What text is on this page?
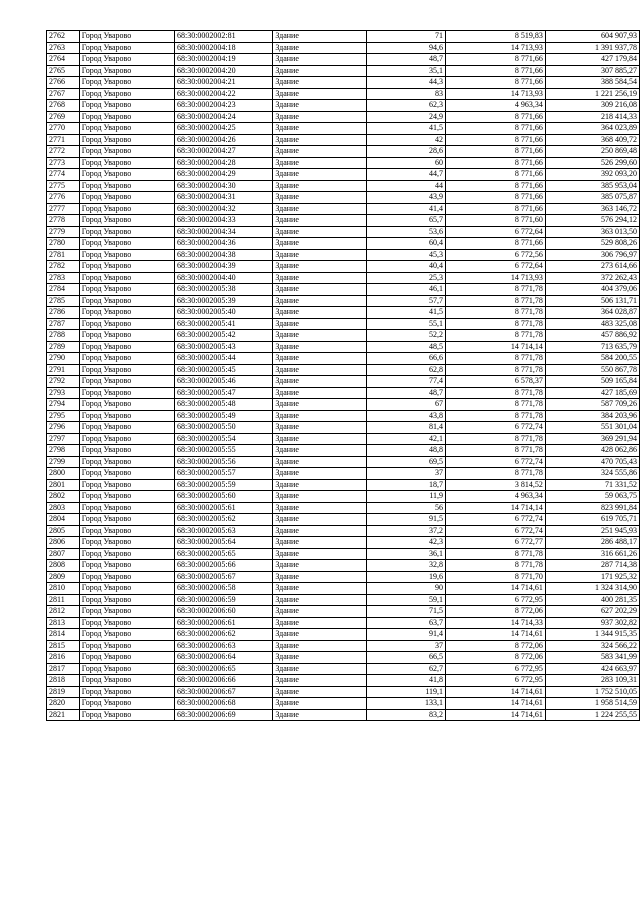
2762	Город Уварово	68:30:0002002:81	Здание	71	8 519,83	604 907,93
2763	Город Уварово	68:30:0002004:18	Здание	94,6	14 713,93	1 391 937,78
2764	Город Уварово	68:30:0002004:19	Здание	48,7	8 771,66	427 179,84
2765	Город Уварово	68:30:0002004:20	Здание	35,1	8 771,66	307 885,27
2766	Город Уварово	68:30:0002004:21	Здание	44,3	8 771,66	388 584,54
2767	Город Уварово	68:30:0002004:22	Здание	83	14 713,93	1 221 256,19
2768	Город Уварово	68:30:0002004:23	Здание	62,3	4 963,34	309 216,08
2769	Город Уварово	68:30:0002004:24	Здание	24,9	8 771,66	218 414,33
2770	Город Уварово	68:30:0002004:25	Здание	41,5	8 771,66	364 023,89
2771	Город Уварово	68:30:0002004:26	Здание	42	8 771,66	368 409,72
2772	Город Уварово	68:30:0002004:27	Здание	28,6	8 771,66	250 869,48
2773	Город Уварово	68:30:0002004:28	Здание	60	8 771,66	526 299,60
2774	Город Уварово	68:30:0002004:29	Здание	44,7	8 771,66	392 093,20
2775	Город Уварово	68:30:0002004:30	Здание	44	8 771,66	385 953,04
2776	Город Уварово	68:30:0002004:31	Здание	43,9	8 771,66	385 075,87
2777	Город Уварово	68:30:0002004:32	Здание	41,4	8 771,66	363 146,72
2778	Город Уварово	68:30:0002004:33	Здание	65,7	8 771,60	576 294,12
2779	Город Уварово	68:30:0002004:34	Здание	53,6	6 772,64	363 013,50
2780	Город Уварово	68:30:0002004:36	Здание	60,4	8 771,66	529 808,26
2781	Город Уварово	68:30:0002004:38	Здание	45,3	6 772,56	306 796,97
2782	Город Уварово	68:30:0002004:39	Здание	40,4	6 772,64	273 614,66
2783	Город Уварово	68:30:0002004:40	Здание	25,3	14 713,93	372 262,43
2784	Город Уварово	68:30:0002005:38	Здание	46,1	8 771,78	404 379,06
2785	Город Уварово	68:30:0002005:39	Здание	57,7	8 771,78	506 131,71
2786	Город Уварово	68:30:0002005:40	Здание	41,5	8 771,78	364 028,87
2787	Город Уварово	68:30:0002005:41	Здание	55,1	8 771,78	483 325,08
2788	Город Уварово	68:30:0002005:42	Здание	52,2	8 771,78	457 886,92
2789	Город Уварово	68:30:0002005:43	Здание	48,5	14 714,14	713 635,79
2790	Город Уварово	68:30:0002005:44	Здание	66,6	8 771,78	584 200,55
2791	Город Уварово	68:30:0002005:45	Здание	62,8	8 771,78	550 867,78
2792	Город Уварово	68:30:0002005:46	Здание	77,4	6 578,37	509 165,84
2793	Город Уварово	68:30:0002005:47	Здание	48,7	8 771,78	427 185,69
2794	Город Уварово	68:30:0002005:48	Здание	67	8 771,78	587 709,26
2795	Город Уварово	68:30:0002005:49	Здание	43,8	8 771,78	384 203,96
2796	Город Уварово	68:30:0002005:50	Здание	81,4	6 772,74	551 301,04
2797	Город Уварово	68:30:0002005:54	Здание	42,1	8 771,78	369 291,94
2798	Город Уварово	68:30:0002005:55	Здание	48,8	8 771,78	428 062,86
2799	Город Уварово	68:30:0002005:56	Здание	69,5	6 772,74	470 705,43
2800	Город Уварово	68:30:0002005:57	Здание	37	8 771,78	324 555,86
2801	Город Уварово	68:30:0002005:59	Здание	18,7	3 814,52	71 331,52
2802	Город Уварово	68:30:0002005:60	Здание	11,9	4 963,34	59 063,75
2803	Город Уварово	68:30:0002005:61	Здание	56	14 714,14	823 991,84
2804	Город Уварово	68:30:0002005:62	Здание	91,5	6 772,74	619 705,71
2805	Город Уварово	68:30:0002005:63	Здание	37,2	6 772,74	251 945,93
2806	Город Уварово	68:30:0002005:64	Здание	42,3	6 772,77	286 488,17
2807	Город Уварово	68:30:0002005:65	Здание	36,1	8 771,78	316 661,26
2808	Город Уварово	68:30:0002005:66	Здание	32,8	8 771,78	287 714,38
2809	Город Уварово	68:30:0002005:67	Здание	19,6	8 771,70	171 925,32
2810	Город Уварово	68:30:0002006:58	Здание	90	14 714,61	1 324 314,90
2811	Город Уварово	68:30:0002006:59	Здание	59,1	6 772,95	400 281,35
2812	Город Уварово	68:30:0002006:60	Здание	71,5	8 772,06	627 202,29
2813	Город Уварово	68:30:0002006:61	Здание	63,7	14 714,33	937 302,82
2814	Город Уварово	68:30:0002006:62	Здание	91,4	14 714,61	1 344 915,35
2815	Город Уварово	68:30:0002006:63	Здание	37	8 772,06	324 566,22
2816	Город Уварово	68:30:0002006:64	Здание	66,5	8 772,06	583 341,99
2817	Город Уварово	68:30:0002006:65	Здание	62,7	6 772,95	424 663,97
2818	Город Уварово	68:30:0002006:66	Здание	41,8	6 772,95	283 109,31
2819	Город Уварово	68:30:0002006:67	Здание	119,1	14 714,61	1 752 510,05
2820	Город Уварово	68:30:0002006:68	Здание	133,1	14 714,61	1 958 514,59
2821	Город Уварово	68:30:0002006:69	Здание	83,2	14 714,61	1 224 255,55
